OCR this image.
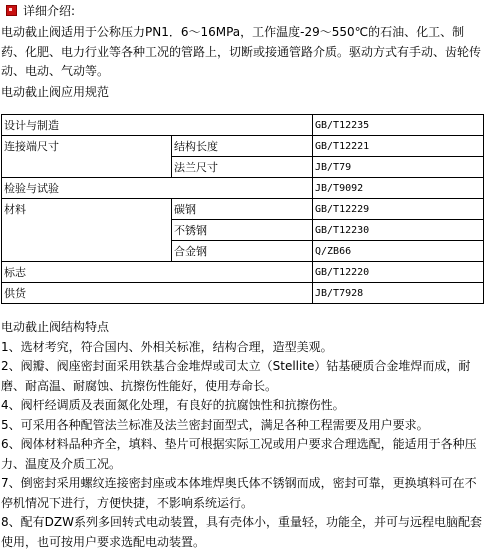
详细介绍:
电动截止阀适用于公称压力PN1．6～16MPa，工作温度-29～550℃的石油、化工、制药、化肥、电力行业等各种工况的管路上，切断或接通管路介质。驱动方式有手动、齿轮传动、电动、气动等。
电动截止阀应用规范
设计与制造		GB/T12235
连接端尺寸	结构长度	GB/T12221
	法兰尺寸	JB/T79
检验与试验		JB/T9092
材料	碳钢	GB/T12229
	不锈钢	GB/T12230
	合金钢	Q/ZB66
标志		GB/T12220
供货		JB/T7928
电动截止阀结构特点
1、选材考究，符合国内、外相关标准，结构合理，造型美观。
2、阀瓣、阀座密封面采用铁基合金堆焊或司太立（Stellite）钴基硬质合金堆焊而成，耐磨、耐高温、耐腐蚀、抗擦伤性能好，使用寿命长。
4、阀杆经调质及表面氮化处理，有良好的抗腐蚀性和抗擦伤性。
5、可采用各种配管法兰标准及法兰密封面型式，满足各种工程需要及用户要求。
6、阀体材料品种齐全，填料、垫片可根据实际工况或用户要求合理选配，能适用于各种压力、温度及介质工况。
7、倒密封采用螺纹连接密封座或本体堆焊奥氏体不锈钢而成，密封可靠，更换填料可在不停机情况下进行，方便快捷，不影响系统运行。
8、配有DZW系列多回转式电动装置，具有壳体小，重量轻，功能全，并可与远程电脑配套使用，也可按用户要求选配电动装置。
